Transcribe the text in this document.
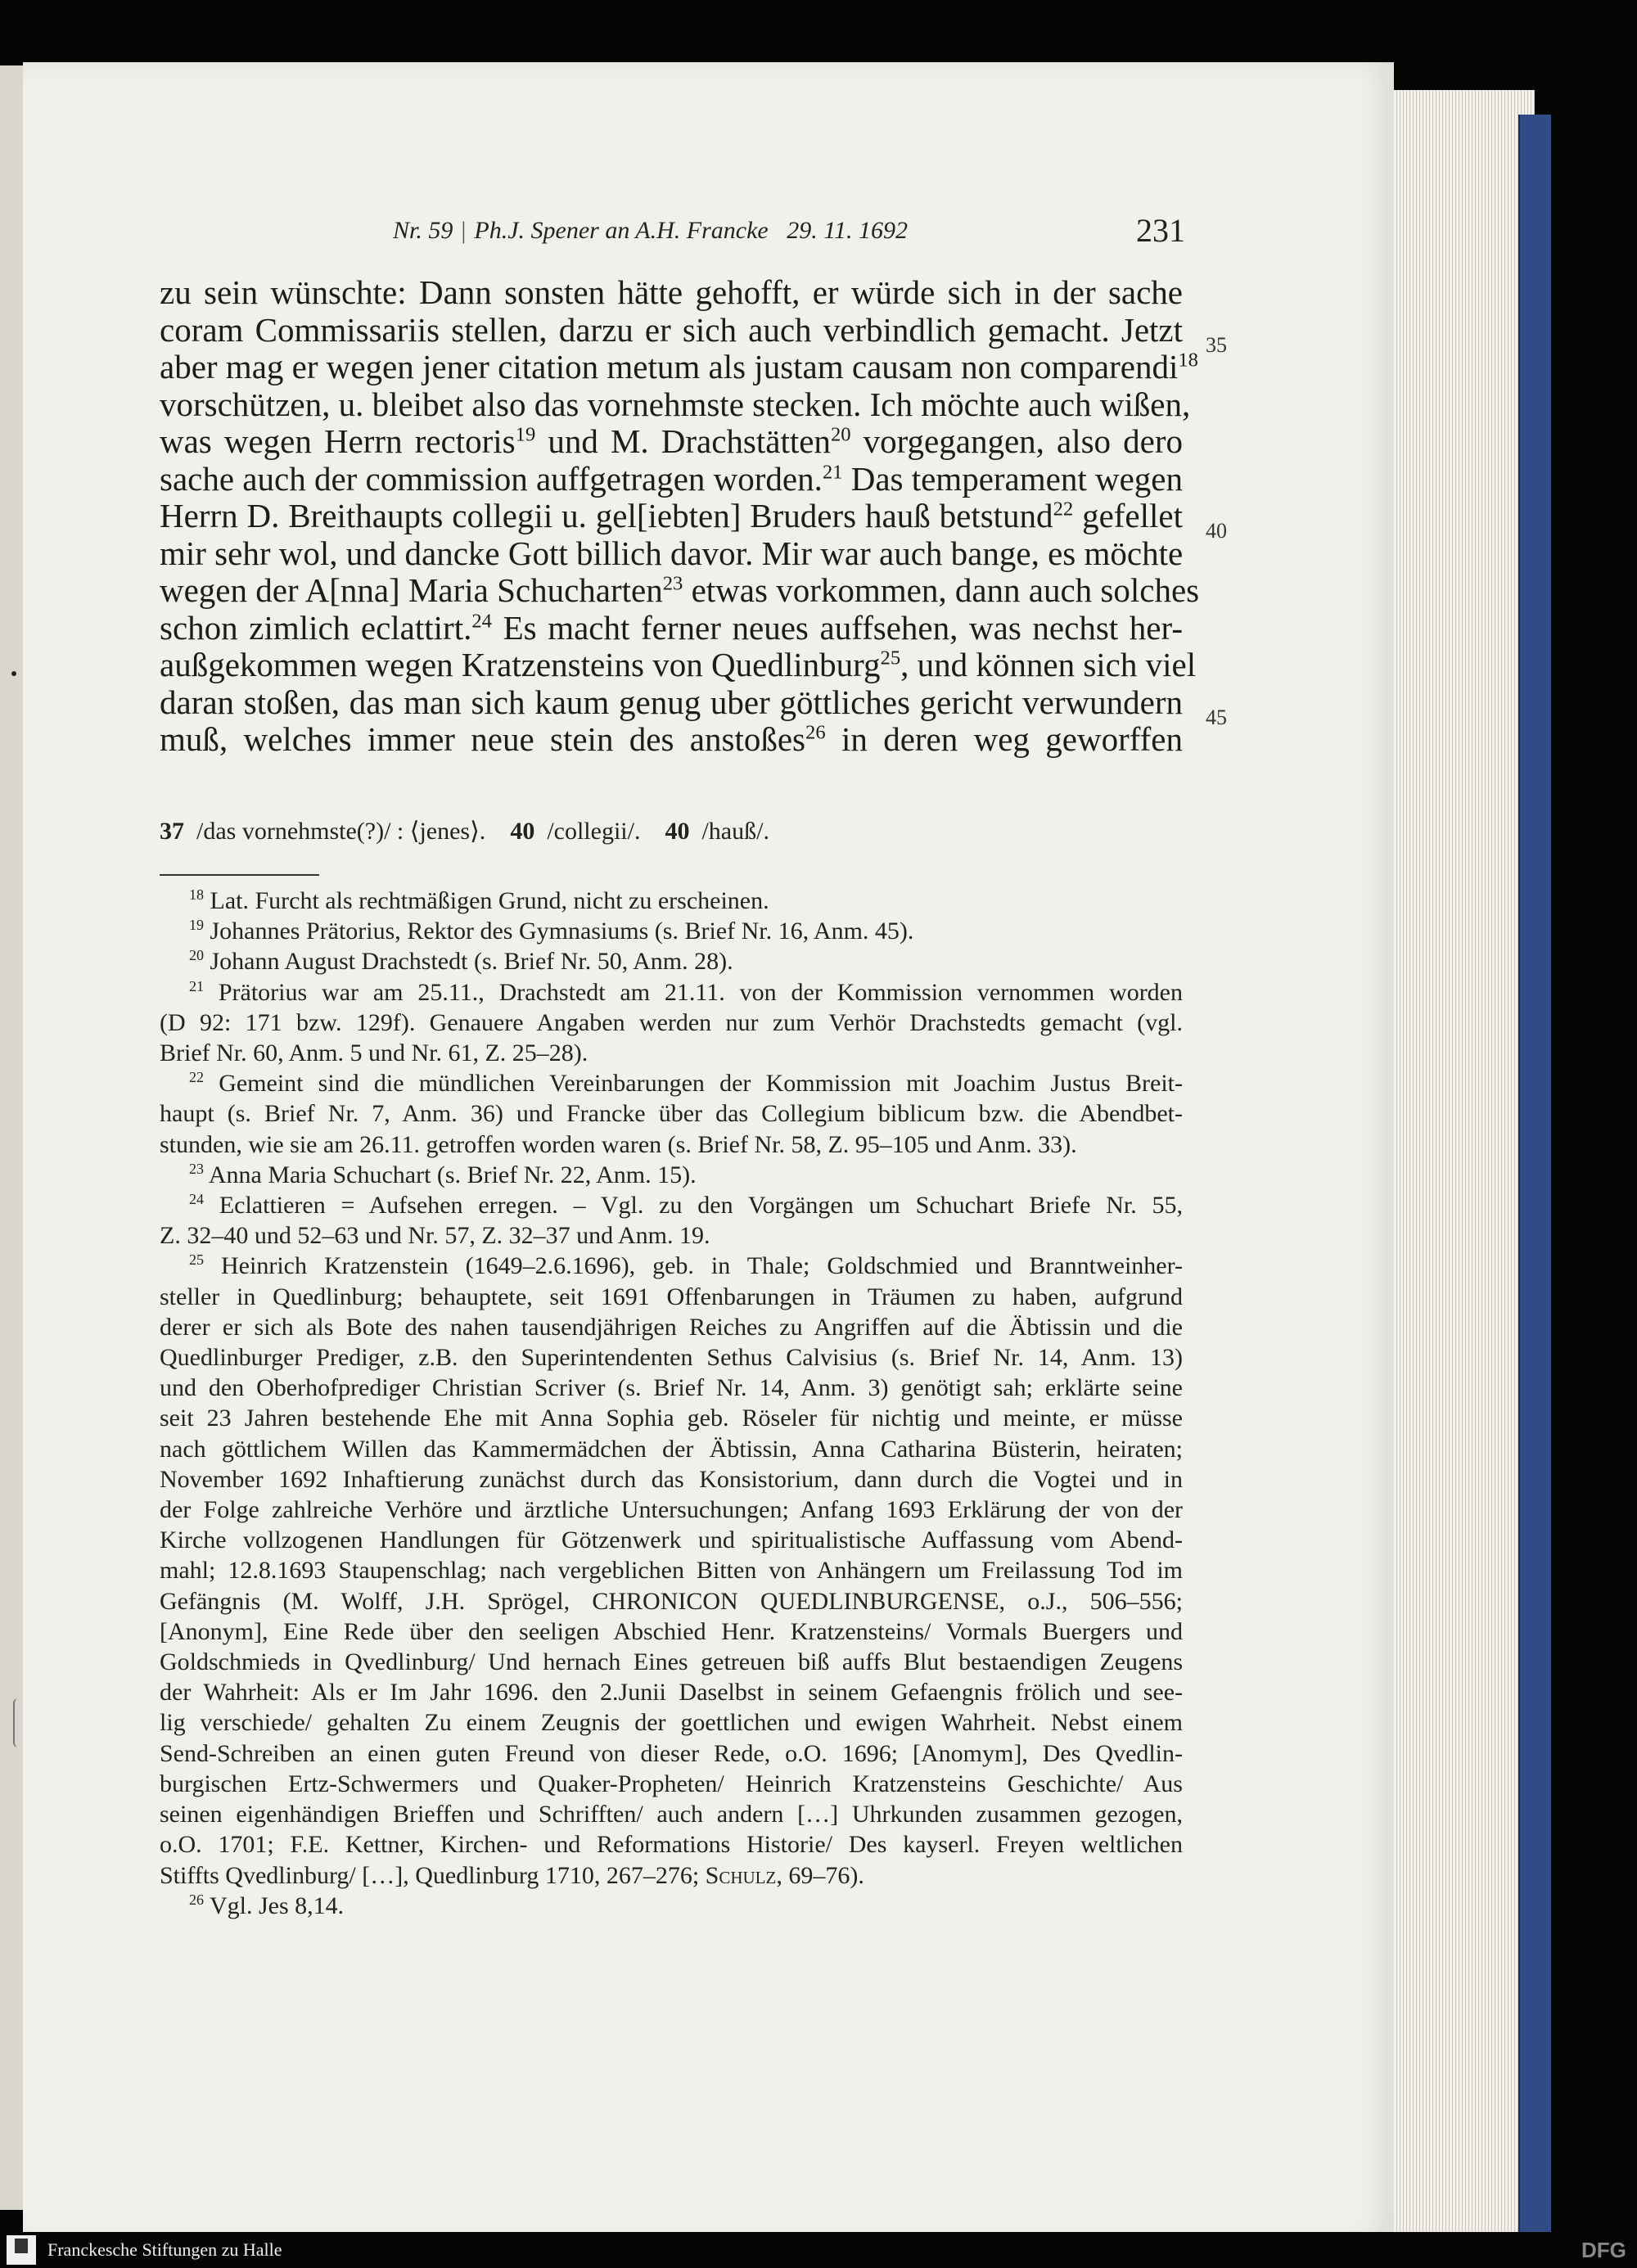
Nr. 59 | Ph.J. Spener an A.H. Francke 29. 11. 1692	231
zu sein wünschte: Dann sonsten hätte gehofft, er würde sich in der sache
coram Commissariis stellen, darzu er sich auch verbindlich gemacht. Jetzt
aber mag er wegen jener citation metum als justam causam non comparendi$^{18}$
vorschützen, u. bleibet also das vornehmste stecken. Ich möchte auch wißen,
was wegen Herrn rectoris$^{19}$ und M. Drachstätten$^{20}$ vorgegangen, also dero
sache auch der commission auffgetragen worden.$^{21}$ Das temperament wegen
Herrn D. Breithaupts collegii u. gel[iebten] Bruders hauß betstund$^{22}$ gefellet
mir sehr wol, und dancke Gott billich davor. Mir war auch bange, es möchte
wegen der A[nna] Maria Schucharten$^{23}$ etwas vorkommen, dann auch solches
schon zimlich eclattirt.$^{24}$ Es macht ferner neues auffsehen, was nechst her-
außgekommen wegen Kratzensteins von Quedlinburg$^{25}$, und können sich viel
daran stoßen, das man sich kaum genug uber göttliches gericht verwundern
muß, welches immer neue stein des anstoßes$^{26}$ in deren weg geworffen
35
40
45
37 /das vornehmste(?)/ : ⟨jenes⟩. 40 /collegii/. 40 /hauß/.
$^{18}$ Lat. Furcht als rechtmäßigen Grund, nicht zu erscheinen.
$^{19}$ Johannes Prätorius, Rektor des Gymnasiums (s. Brief Nr. 16, Anm. 45).
$^{20}$ Johann August Drachstedt (s. Brief Nr. 50, Anm. 28).
$^{21}$ Prätorius war am 25.11., Drachstedt am 21.11. von der Kommission vernommen worden
(D 92: 171 bzw. 129f). Genauere Angaben werden nur zum Verhör Drachstedts gemacht (vgl.
Brief Nr. 60, Anm. 5 und Nr. 61, Z. 25–28).
$^{22}$ Gemeint sind die mündlichen Vereinbarungen der Kommission mit Joachim Justus Breit-
haupt (s. Brief Nr. 7, Anm. 36) und Francke über das Collegium biblicum bzw. die Abendbet-
stunden, wie sie am 26.11. getroffen worden waren (s. Brief Nr. 58, Z. 95–105 und Anm. 33).
$^{23}$ Anna Maria Schuchart (s. Brief Nr. 22, Anm. 15).
$^{24}$ Eclattieren = Aufsehen erregen. – Vgl. zu den Vorgängen um Schuchart Briefe Nr. 55,
Z. 32–40 und 52–63 und Nr. 57, Z. 32–37 und Anm. 19.
$^{25}$ Heinrich Kratzenstein (1649–2.6.1696), geb. in Thale; Goldschmied und Branntweinher-
steller in Quedlinburg; behauptete, seit 1691 Offenbarungen in Träumen zu haben, aufgrund
derer er sich als Bote des nahen tausendjährigen Reiches zu Angriffen auf die Äbtissin und die
Quedlinburger Prediger, z.B. den Superintendenten Sethus Calvisius (s. Brief Nr. 14, Anm. 13)
und den Oberhofprediger Christian Scriver (s. Brief Nr. 14, Anm. 3) genötigt sah; erklärte seine
seit 23 Jahren bestehende Ehe mit Anna Sophia geb. Röseler für nichtig und meinte, er müsse
nach göttlichem Willen das Kammermädchen der Äbtissin, Anna Catharina Büsterin, heiraten;
November 1692 Inhaftierung zunächst durch das Konsistorium, dann durch die Vogtei und in
der Folge zahlreiche Verhöre und ärztliche Untersuchungen; Anfang 1693 Erklärung der von der
Kirche vollzogenen Handlungen für Götzenwerk und spiritualistische Auffassung vom Abend-
mahl; 12.8.1693 Staupenschlag; nach vergeblichen Bitten von Anhängern um Freilassung Tod im
Gefängnis (M. Wolff, J.H. Sprögel, CHRONICON QUEDLINBURGENSE, o.J., 506–556;
[Anonym], Eine Rede über den seeligen Abschied Henr. Kratzensteins/ Vormals Buergers und
Goldschmieds in Qvedlinburg/ Und hernach Eines getreuen biß auffs Blut bestaendigen Zeugens
der Wahrheit: Als er Im Jahr 1696. den 2.Junii Daselbst in seinem Gefaengnis frölich und see-
lig verschiede/ gehalten Zu einem Zeugnis der goettlichen und ewigen Wahrheit. Nebst einem
Send-Schreiben an einen guten Freund von dieser Rede, o.O. 1696; [Anomym], Des Qvedlin-
burgischen Ertz-Schwermers und Quaker-Propheten/ Heinrich Kratzensteins Geschichte/ Aus
seinen eigenhändigen Brieffen und Schrifften/ auch andern […] Uhrkunden zusammen gezogen,
o.O. 1701; F.E. Kettner, Kirchen- und Reformations Historie/ Des kayserl. Freyen weltlichen
Stiffts Qvedlinburg/ […], Quedlinburg 1710, 267–276; Schulz, 69–76).
$^{26}$ Vgl. Jes 8,14.
Franckesche Stiftungen zu Halle	DFG
